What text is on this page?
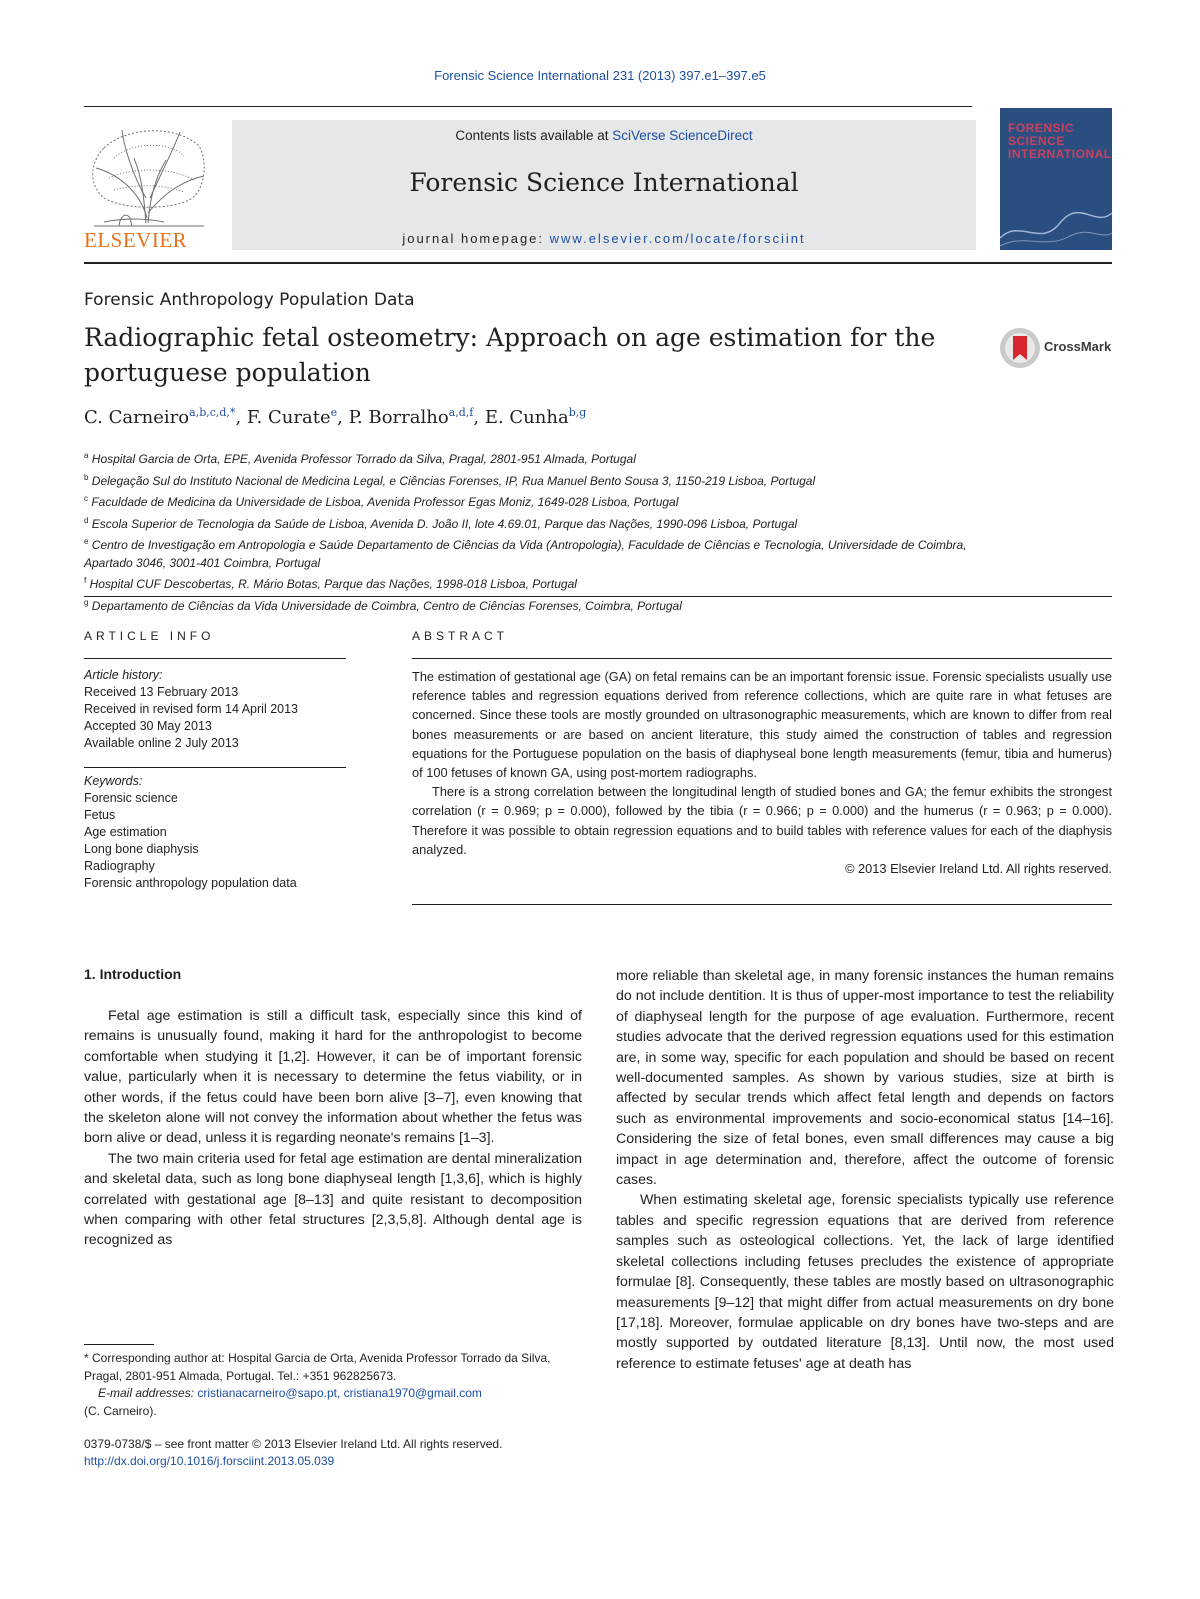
Forensic Science International 231 (2013) 397.e1–397.e5
ELSEVIER
Contents lists available at SciVerse ScienceDirect
Forensic Science International
journal homepage: www.elsevier.com/locate/forsciint
FORENSIC SCIENCE INTERNATIONAL
Forensic Anthropology Population Data
Radiographic fetal osteometry: Approach on age estimation for the portuguese population
CrossMark
C. Carneiro$^{a,b,c,d,*}$, F. Curate$^e$, P. Borralho$^{a,d,f}$, E. Cunha$^{b,g}$
$^a$ Hospital Garcia de Orta, EPE, Avenida Professor Torrado da Silva, Pragal, 2801-951 Almada, Portugal
$^b$ Delegação Sul do Instituto Nacional de Medicina Legal, e Ciências Forenses, IP, Rua Manuel Bento Sousa 3, 1150-219 Lisboa, Portugal
$^c$ Faculdade de Medicina da Universidade de Lisboa, Avenida Professor Egas Moniz, 1649-028 Lisboa, Portugal
$^d$ Escola Superior de Tecnologia da Saúde de Lisboa, Avenida D. João II, lote 4.69.01, Parque das Nações, 1990-096 Lisboa, Portugal
$^e$ Centro de Investigação em Antropologia e Saúde Departamento de Ciências da Vida (Antropologia), Faculdade de Ciências e Tecnologia, Universidade de Coimbra, Apartado 3046, 3001-401 Coimbra, Portugal
$^f$ Hospital CUF Descobertas, R. Mário Botas, Parque das Nações, 1998-018 Lisboa, Portugal
$^g$ Departamento de Ciências da Vida Universidade de Coimbra, Centro de Ciências Forenses, Coimbra, Portugal
ARTICLE INFO
Article history:
Received 13 February 2013
Received in revised form 14 April 2013
Accepted 30 May 2013
Available online 2 July 2013
Keywords:
Forensic science
Fetus
Age estimation
Long bone diaphysis
Radiography
Forensic anthropology population data
ABSTRACT

The estimation of gestational age (GA) on fetal remains can be an important forensic issue. Forensic specialists usually use reference tables and regression equations derived from reference collections, which are quite rare in what fetuses are concerned. Since these tools are mostly grounded on ultrasonographic measurements, which are known to differ from real bones measurements or are based on ancient literature, this study aimed the construction of tables and regression equations for the Portuguese population on the basis of diaphyseal bone length measurements (femur, tibia and humerus) of 100 fetuses of known GA, using post-mortem radiographs.

There is a strong correlation between the longitudinal length of studied bones and GA; the femur exhibits the strongest correlation (r = 0.969; p = 0.000), followed by the tibia (r = 0.966; p = 0.000) and the humerus (r = 0.963; p = 0.000). Therefore it was possible to obtain regression equations and to build tables with reference values for each of the diaphysis analyzed.

© 2013 Elsevier Ireland Ltd. All rights reserved.

1. Introduction

Fetal age estimation is still a difficult task, especially since this kind of remains is unusually found, making it hard for the anthropologist to become comfortable when studying it [1,2]. However, it can be of important forensic value, particularly when it is necessary to determine the fetus viability, or in other words, if the fetus could have been born alive [3–7], even knowing that the skeleton alone will not convey the information about whether the fetus was born alive or dead, unless it is regarding neonate's remains [1–3].

The two main criteria used for fetal age estimation are dental mineralization and skeletal data, such as long bone diaphyseal length [1,3,6], which is highly correlated with gestational age [8–13] and quite resistant to decomposition when comparing with other fetal structures [2,3,5,8]. Although dental age is recognized as

more reliable than skeletal age, in many forensic instances the human remains do not include dentition. It is thus of upper-most importance to test the reliability of diaphyseal length for the purpose of age evaluation. Furthermore, recent studies advocate that the derived regression equations used for this estimation are, in some way, specific for each population and should be based on recent well-documented samples. As shown by various studies, size at birth is affected by secular trends which affect fetal length and depends on factors such as environmental improvements and socio-economical status [14–16]. Considering the size of fetal bones, even small differences may cause a big impact in age determination and, therefore, affect the outcome of forensic cases.

When estimating skeletal age, forensic specialists typically use reference tables and specific regression equations that are derived from reference samples such as osteological collections. Yet, the lack of large identified skeletal collections including fetuses precludes the existence of appropriate formulae [8]. Consequently, these tables are mostly based on ultrasonographic measurements [9–12] that might differ from actual measurements on dry bone [17,18]. Moreover, formulae applicable on dry bones have two-steps and are mostly supported by outdated literature [8,13]. Until now, the most used reference to estimate fetuses' age at death has

* Corresponding author at: Hospital Garcia de Orta, Avenida Professor Torrado da Silva, Pragal, 2801-951 Almada, Portugal. Tel.: +351 962825673.

E-mail addresses: cristianacarneiro@sapo.pt, cristiana1970@gmail.com

(C. Carneiro).

0379-0738/$ – see front matter © 2013 Elsevier Ireland Ltd. All rights reserved.
http://dx.doi.org/10.1016/j.forsciint.2013.05.039
